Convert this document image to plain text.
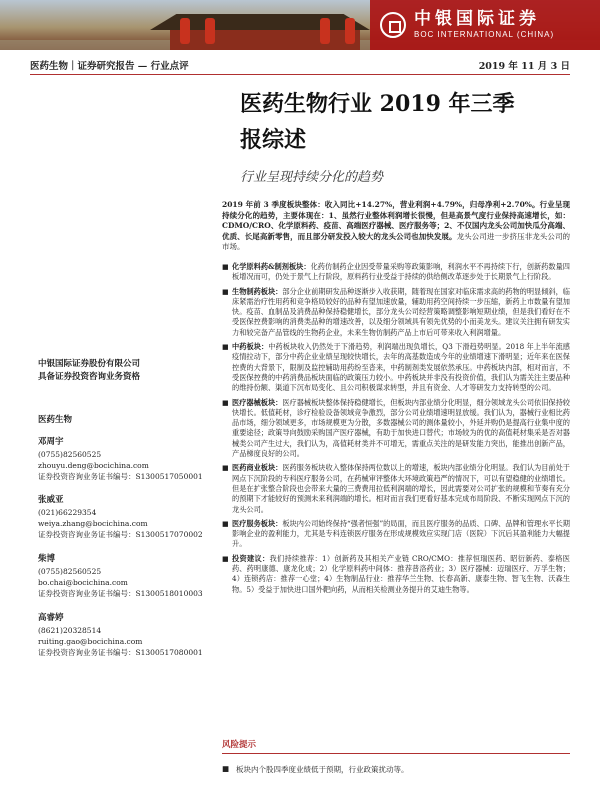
中银国际证券
BOC INTERNATIONAL (CHINA)
医药生物｜证券研究报告 — 行业点评	2019 年 11 月 3 日
医药生物行业 2019 年三季
报综述
行业呈现持续分化的趋势
中银国际证券股份有限公司
具备证券投资咨询业务资格
医药生物
邓周宇
(0755)82560525
zhouyu.deng@bocichina.com
证券投资咨询业务证书编号：S1300517050001
张威亚
(021)66229354
weiya.zhang@bocichina.com
证券投资咨询业务证书编号：S1300517070002
柴博
(0755)82560525
bo.chai@bocichina.com
证券投资咨询业务证书编号：S1300518010003
高睿婷
(8621)20328514
ruiting.gao@bocichina.com
证券投资咨询业务证书编号：S1300517080001
2019 年前 3 季度板块整体：收入同比+14.27%，营业利润+4.79%，归母净利+2.70%。行业呈现持续分化的趋势，主要体现在：1、虽然行业整体利润增长很慢，但是高景气度行业保持高速增长，如：CDMO/CRO、化学原料药、疫苗、高端医疗器械、医疗服务等；2、不仅国内龙头公司加快瓜分高端、优质、长尾高新零售，而且部分研发投入较大的龙头公司也加快发展。龙头公司进一步挤压非龙头公司的市场。
■ 化学原料药&制剂板块：化药仿制药企业因受带量采购等政策影响，利润水平不再持续下行，创新药数量四板增况而可，仍处于景气上行阶段，原料药行业受益于持续的供给侧改革逐步处于长期景气上行阶段。
■ 生物制药板块：部分企业前期研发品种逐渐步入收获期，随着现在国家对临床需求高的药物的明显倾斜，临床紧需治疗性用药和竞争格局较好的品种有望加速放量，辅助用药空间持续一步压缩，新药上市数量有望加快。疫苗、血制品及消费品种保持稳健增长，部分龙头公司经营策略调整影响短期业绩，但是我们看好在不受医保控费影响的消费类品种的增速改善，以及细分领域具有领先优势的小而美龙头。建议关注拥有研发实力和较完备产品管线的生物药企业，未来生物仿制药产品上市后可带来收入利润增量。
■ 中药板块：中药板块收入仍然处于下滑趋势，利润端出现负增长，Q3 下滑趋势明显。2018 年上半年流感疫情拉动下，部分中药企业业绩呈现较快增长，去年的高基数造成今年的业绩增速下滑明显；近年来在医保控费的大背景下，限制及监控辅助用药纷至沓来，中药制剂类发展依然承压。中药板块内部，相对而言，不受医保控费的中药消费品板块面临的政策压力较小。中药板块并非没有投资价值，我们认为需关注主要品种的维持份额、渠道下沉布局变化、且公司积极谋求转型，并且有资金、人才等研发力支持转型的公司。
■ 医疗器械板块：医疗器械板块整体保持稳健增长，但板块内部业绩分化明显，细分领域龙头公司依旧保持较快增长。低值耗材，诊疗检验设备领域竞争激烈，部分公司业绩增速明显放缓。我们认为，器械行业相比药品市场，细分领域更多，市场规模更为分散，多数器械公司的测体量较小，外延并购仍是提高行业集中度的重要途径；政策导向鼓励采购国产医疗器械，有助于加快进口替代；市场较为的优的高值耗材集采是否对器械类公司产生过大，我们认为，高值耗材类并不可增无，需重点关注的是研发能力突出，能推出创新产品，产品梯度良好的公司。
■ 医药商业板块：医药服务板块收入整体保持两位数以上的增速，板块内部业绩分化明显。我们认为目前处于网点下沉阶段的专科医疗服务公司，在药械审评整体大环境政策趋严的情况下，可以有望稳健的业绩增长。但是在扩张整合阶段也会带来大量的三费费用拉低利润端的增长，因此需要对公司扩张的规模和节奏有充分的预期下才能较好的预测未来利润端的增长。相对而言我们更看好基本完成布局阶段、不断实现网点下沉的龙头公司。
■ 医疗服务板块：板块内公司始终保持“强者恒强”的局面，而且医疗服务的品质、口碑、品牌和管理水平长期影响企业的盈利能力，尤其是专科连锁医疗服务在形成规模效应实现门店（医院）下沉后其盈利能力大幅提升。
■ 投资建议：我们持续推荐：1）创新药及其相关产业链 CRO/CMO：推荐恒瑞医药、昭衍新药、泰格医药、药明康德、康龙化成；2）化学原料药中间体：推荐普洛药业；3）医疗器械：迈瑞医疗、万孚生物；4）连锁药店：推荐一心堂；4）生物制品行业：推荐华兰生物、长春高新、康泰生物、智飞生物、沃森生物。5）受益于加快进口国外靶向药，从而相关检测业务提升的艾迪生物等。
风险提示
■ 板块内个股四季度业绩低于预期，行业政策扰动等。
